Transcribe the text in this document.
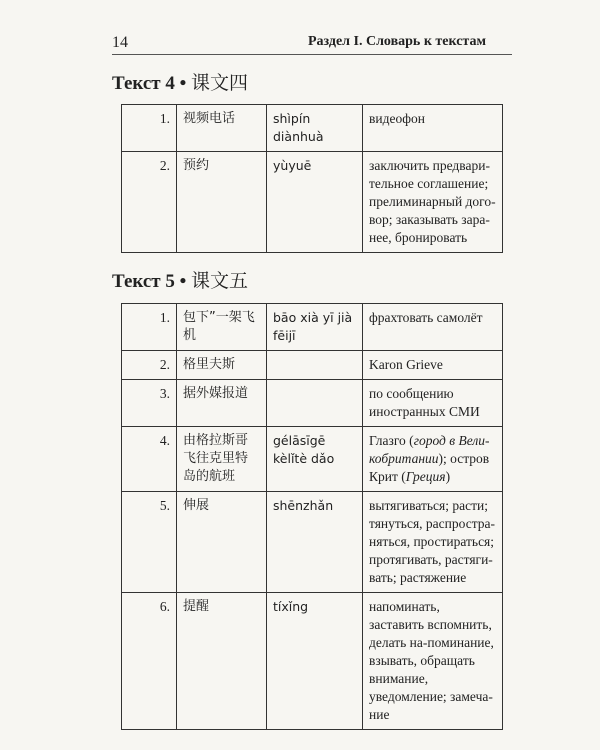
14	Раздел I. Словарь к текстам
Текст 4 • 课文四
1.	视频电话	shìpín diànhuà	видеофон
2.	预约	yùyuē	заключить предвари-тельное соглашение; прелиминарный дого-вор; заказывать зара-нее, бронировать
Текст 5 • 课文五
1.	包下”一架飞机	bāo xià yī jià fēijī	фрахтовать самолёт
2.	格里夫斯		Karon Grieve
3.	据外媒报道		по сообщению иностранных СМИ
4.	由格拉斯哥飞往克里特岛的航班	gélāsīgē kèlǐtè dǎo	Глазго (город в Вели-кобритании); остров Крит (Греция)
5.	伸展	shēnzhǎn	вытягиваться; расти; тянуться, распростра-няться, простираться; протягивать, растяги-вать; растяжение
6.	提醒	tíxǐng	напоминать, заставить вспомнить, делать на-поминание, взывать, обращать внимание, уведомление; замеча-ние
